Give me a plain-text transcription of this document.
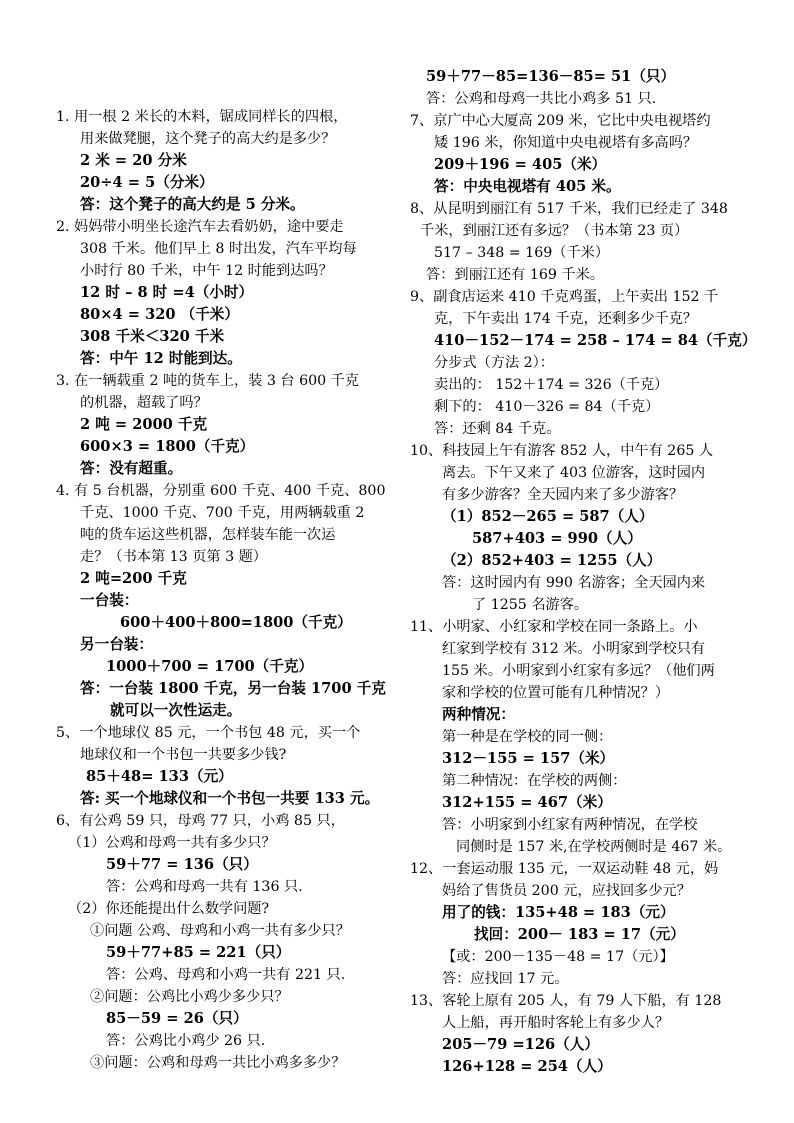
1. 用一根 2 米长的木料，锯成同样长的四根，
用来做凳腿，这个凳子的高大约是多少？
2 米 = 20 分米
20÷4 = 5（分米）
答：这个凳子的高大约是 5 分米。
2. 妈妈带小明坐长途汽车去看奶奶，途中要走
308 千米。他们早上 8 时出发，汽车平均每
小时行 80 千米，中午 12 时能到达吗？
12 时 – 8 时 =4（小时）
80×4 = 320 （千米）
308 千米＜320 千米
答：中午 12 时能到达。
3. 在一辆载重 2 吨的货车上，装 3 台 600 千克
的机器，超载了吗？
2 吨 = 2000 千克
600×3 = 1800（千克）
答：没有超重。
4. 有 5 台机器，分别重 600 千克、400 千克、800
千克、1000 千克、700 千克，用两辆载重 2
吨的货车运这些机器，怎样装车能一次运
走？（书本第 13 页第 3 题）
2 吨=200 千克
一台装：
600＋400＋800=1800（千克）
另一台装：
1000＋700 = 1700（千克）
答：一台装 1800 千克，另一台装 1700 千克
就可以一次性运走。
5、一个地球仪 85 元，一个书包 48 元，买一个
地球仪和一个书包一共要多少钱?
85＋48= 133（元）
答: 买一个地球仪和一个书包一共要 133 元。
6、有公鸡 59 只，母鸡 77 只，小鸡 85 只，
（1）公鸡和母鸡一共有多少只？
59＋77 = 136（只）
答：公鸡和母鸡一共有 136 只.
（2）你还能提出什么数学问题?
①问题 公鸡、母鸡和小鸡一共有多少只？
59＋77+85 = 221（只）
答：公鸡、母鸡和小鸡一共有 221 只.
②问题：公鸡比小鸡少多少只？
85－59 = 26（只）
答：公鸡比小鸡少 26 只.
③问题：公鸡和母鸡一共比小鸡多多少？
59＋77－85=136－85= 51（只）
答：公鸡和母鸡一共比小鸡多 51 只.
7、京广中心大厦高 209 米，它比中央电视塔约
矮 196 米，你知道中央电视塔有多高吗？
209＋196 = 405（米）
答：中央电视塔有 405 米。
8、从昆明到丽江有 517 千米，我们已经走了 348
千米，到丽江还有多远？（书本第 23 页）
517 – 348 = 169（千米）
答：到丽江还有 169 千米。
9、副食店运来 410 千克鸡蛋，上午卖出 152 千
克，下午卖出 174 千克，还剩多少千克？
410－152－174 = 258 – 174 = 84（千克）
分步式（方法 2）：
卖出的： 152＋174 = 326（千克）
剩下的： 410－326 = 84（千克）
答：还剩 84 千克。
10、科技园上午有游客 852 人，中午有 265 人
离去。下午又来了 403 位游客，这时园内
有多少游客？全天园内来了多少游客？
（1）852－265 = 587（人）
587+403 = 990（人）
（2）852+403 = 1255（人）
答：这时园内有 990 名游客；全天园内来
了 1255 名游客。
11、小明家、小红家和学校在同一条路上。小
红家到学校有 312 米。小明家到学校只有
155 米。小明家到小红家有多远？（他们两
家和学校的位置可能有几种情况？）
两种情况：
第一种是在学校的同一侧：
312－155 = 157（米）
第二种情况：在学校的两侧：
312+155 = 467（米）
答：小明家到小红家有两种情况，在学校
同侧时是 157 米,在学校两侧时是 467 米。
12、一套运动服 135 元，一双运动鞋 48 元，妈
妈给了售货员 200 元，应找回多少元？
用了的钱：135+48 = 183（元）
找回：200－ 183 = 17（元）
【或：200－135－48 = 17（元）】
答：应找回 17 元。
13、客轮上原有 205 人，有 79 人下船，有 128
人上船，再开船时客轮上有多少人？
205－79 =126（人）
126+128 = 254（人）
